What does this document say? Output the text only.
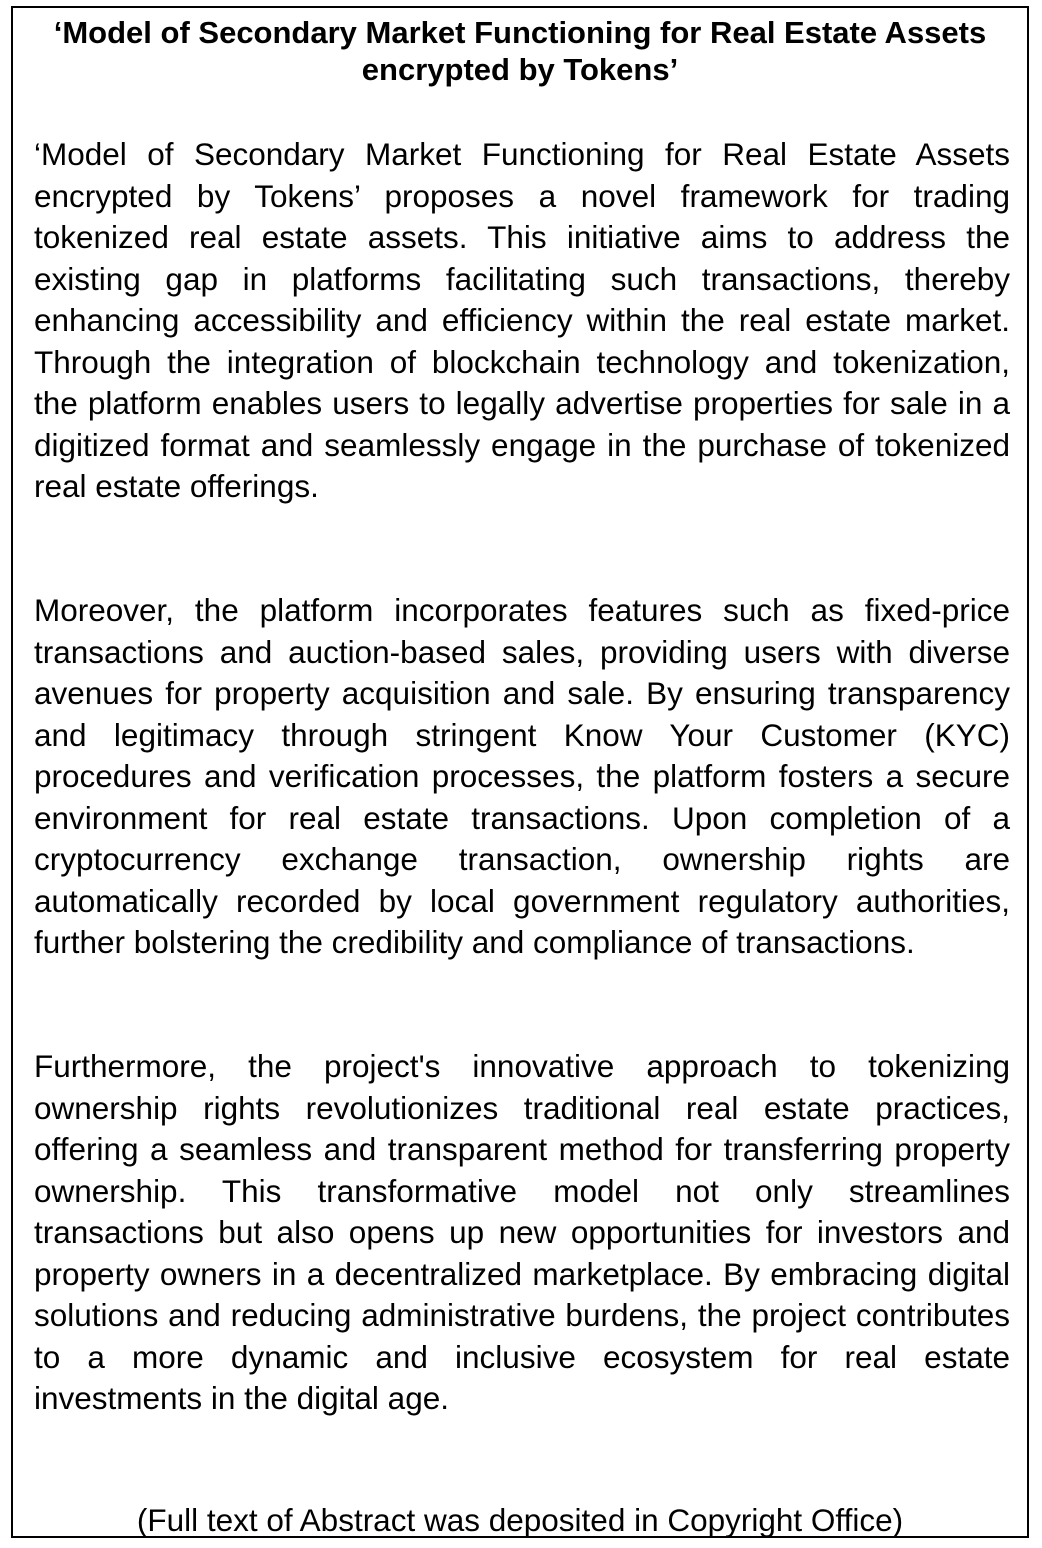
‘Model of Secondary Market Functioning for Real Estate Assets encrypted by Tokens’

‘Model of Secondary Market Functioning for Real Estate Assets encrypted by Tokens’ proposes a novel framework for trading tokenized real estate assets. This initiative aims to address the existing gap in platforms facilitating such transactions, thereby enhancing accessibility and efficiency within the real estate market. Through the integration of blockchain technology and tokenization, the platform enables users to legally advertise properties for sale in a digitized format and seamlessly engage in the purchase of tokenized real estate offerings.

Moreover, the platform incorporates features such as fixed-price transactions and auction-based sales, providing users with diverse avenues for property acquisition and sale. By ensuring transparency and legitimacy through stringent Know Your Customer (KYC) procedures and verification processes, the platform fosters a secure environment for real estate transactions. Upon completion of a cryptocurrency exchange transaction, ownership rights are automatically recorded by local government regulatory authorities, further bolstering the credibility and compliance of transactions.

Furthermore, the project's innovative approach to tokenizing ownership rights revolutionizes traditional real estate practices, offering a seamless and transparent method for transferring property ownership. This transformative model not only streamlines transactions but also opens up new opportunities for investors and property owners in a decentralized marketplace. By embracing digital solutions and reducing administrative burdens, the project contributes to a more dynamic and inclusive ecosystem for real estate investments in the digital age.

(Full text of Abstract was deposited in Copyright Office)
